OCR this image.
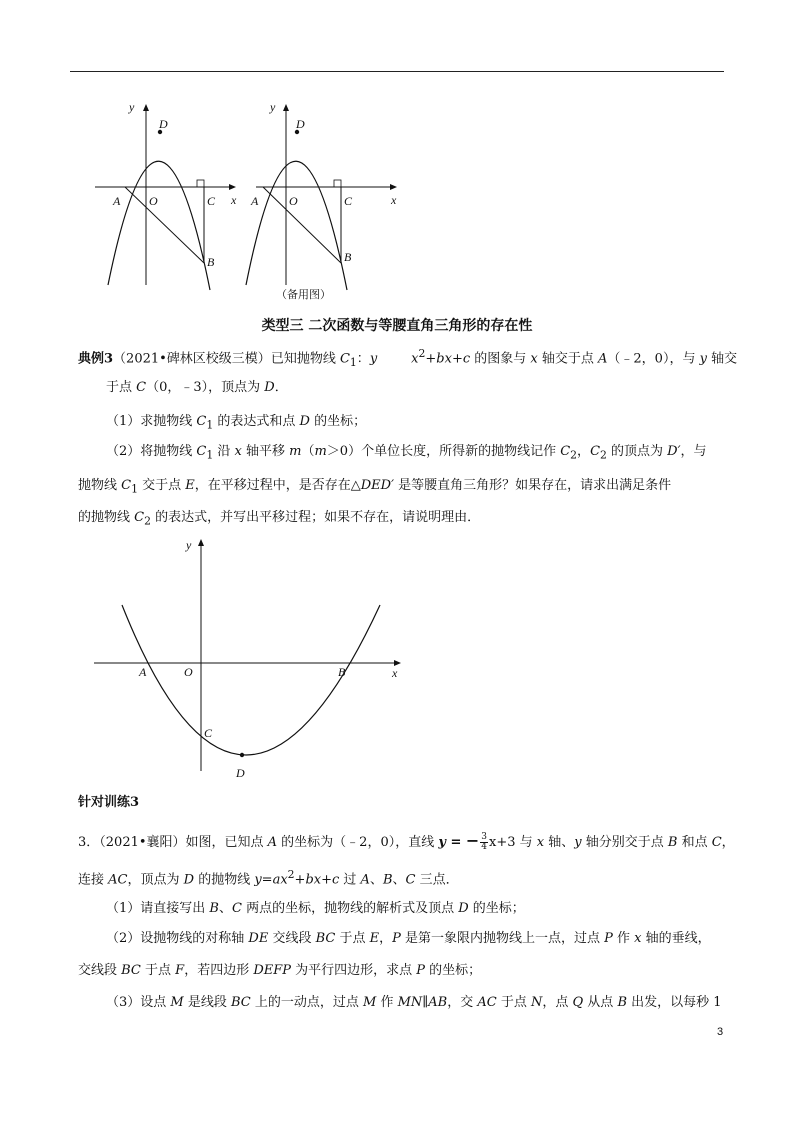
y
D
x
A O	C
B
y
D
x
A	O	C
B
（备用图）
类型三 二次函数与等腰直角三角形的存在性
典例3（2021•碑林区校级三模）已知抛物线 $C_1$：y	$x^2+bx+c$ 的图象与 x 轴交于点 A（﹣2，0），与 y 轴交
于点 C（0，﹣3），顶点为 D．
（1）求抛物线 $C_1$ 的表达式和点 D 的坐标；
（2）将抛物线 $C_1$ 沿 x 轴平移 m（m＞0）个单位长度，所得新的抛物线记作 $C_2$，$C_2$ 的顶点为 D′，与
抛物线 $C_1$ 交于点 E，在平移过程中，是否存在△DED′ 是等腰直角三角形？如果存在，请求出满足条件
的抛物线 $C_2$ 的表达式，并写出平移过程；如果不存在，请说明理由．
y
x
A	O	B
C
D
针对训练3
3．（2021•襄阳）如图，已知点 A 的坐标为（﹣2，0），直线 y = − $\frac{3}{4} x+3$ 与 x 轴、y 轴分别交于点 B 和点 C，
连接 AC，顶点为 D 的抛物线 $y=ax^2+bx+c$ 过 A、B、C 三点．
（1）请直接写出 B、C 两点的坐标，抛物线的解析式及顶点 D 的坐标；
（2）设抛物线的对称轴 DE 交线段 BC 于点 E，P 是第一象限内抛物线上一点，过点 P 作 x 轴的垂线，
交线段 BC 于点 F，若四边形 DEFP 为平行四边形，求点 P 的坐标；
（3）设点 M 是线段 BC 上的一动点，过点 M 作 MN∥AB，交 AC 于点 N，点 Q 从点 B 出发，以每秒 1
3
